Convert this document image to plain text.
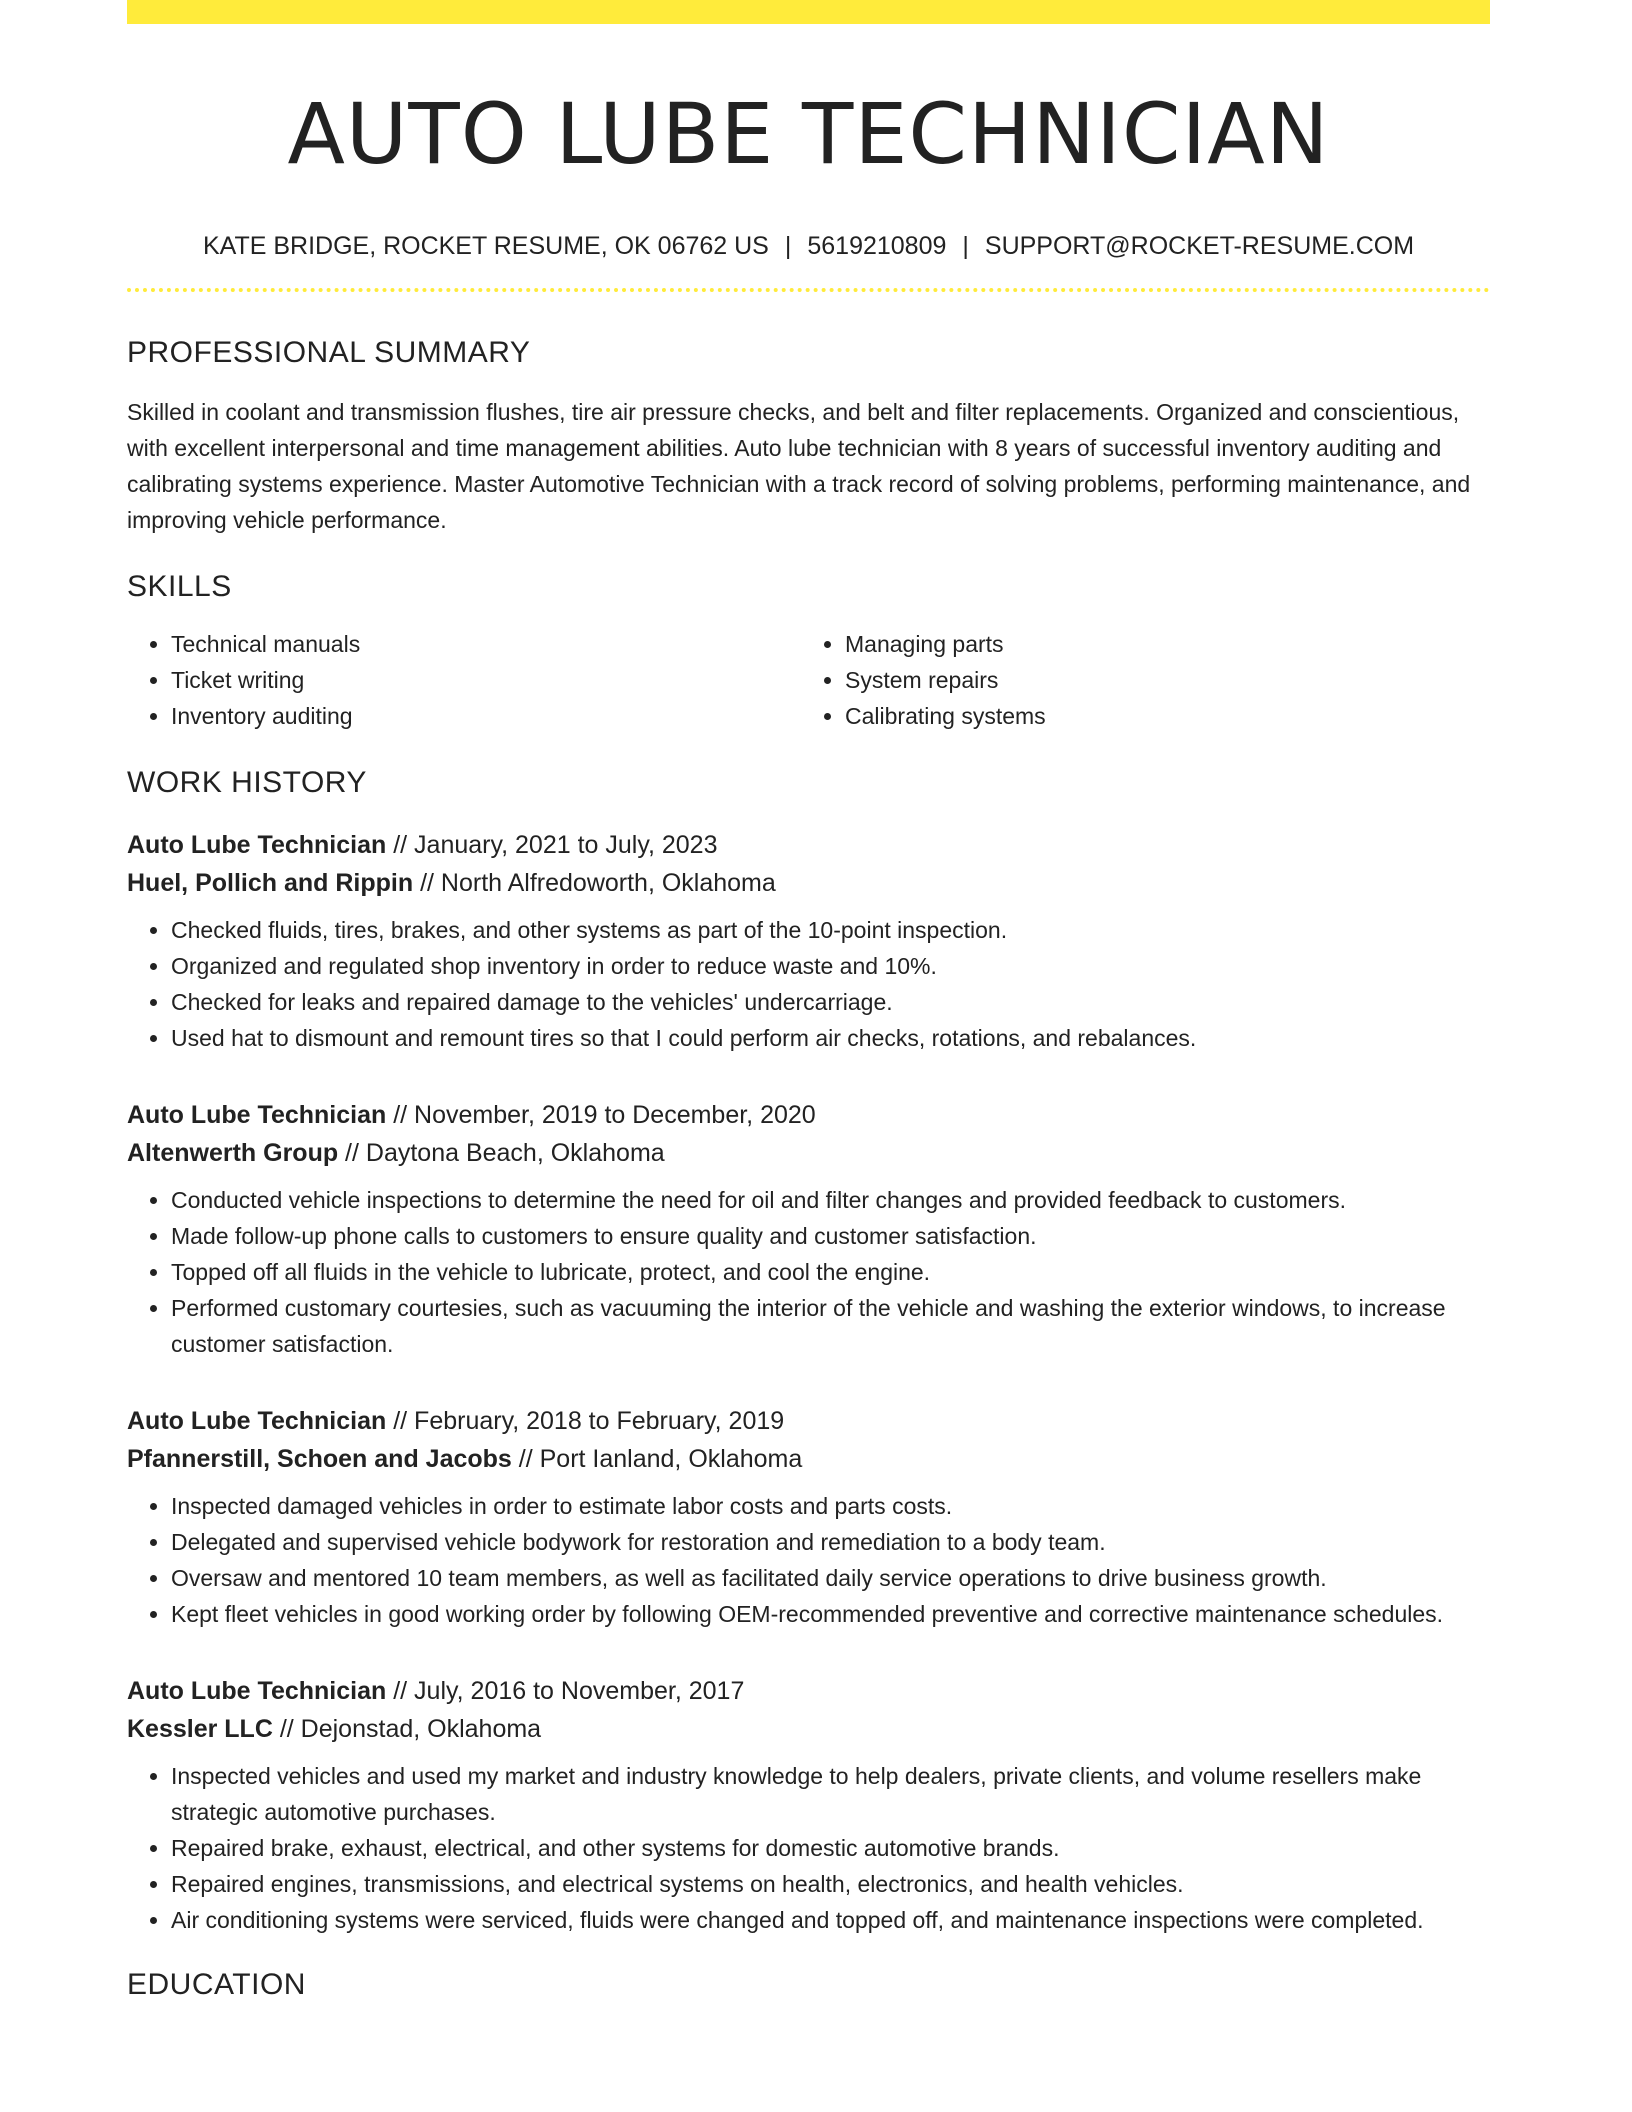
AUTO LUBE TECHNICIAN
KATE BRIDGE, ROCKET RESUME, OK 06762 US | 5619210809 | SUPPORT@ROCKET-RESUME.COM
PROFESSIONAL SUMMARY
Skilled in coolant and transmission flushes, tire air pressure checks, and belt and filter replacements. Organized and conscientious, with excellent interpersonal and time management abilities. Auto lube technician with 8 years of successful inventory auditing and calibrating systems experience. Master Automotive Technician with a track record of solving problems, performing maintenance, and improving vehicle performance.
SKILLS
• Technical manuals
• Ticket writing
• Inventory auditing
• Managing parts
• System repairs
• Calibrating systems
WORK HISTORY
Auto Lube Technician // January, 2021 to July, 2023
Huel, Pollich and Rippin // North Alfredoworth, Oklahoma
• Checked fluids, tires, brakes, and other systems as part of the 10-point inspection.
• Organized and regulated shop inventory in order to reduce waste and 10%.
• Checked for leaks and repaired damage to the vehicles' undercarriage.
• Used hat to dismount and remount tires so that I could perform air checks, rotations, and rebalances.
Auto Lube Technician // November, 2019 to December, 2020
Altenwerth Group // Daytona Beach, Oklahoma
• Conducted vehicle inspections to determine the need for oil and filter changes and provided feedback to customers.
• Made follow-up phone calls to customers to ensure quality and customer satisfaction.
• Topped off all fluids in the vehicle to lubricate, protect, and cool the engine.
• Performed customary courtesies, such as vacuuming the interior of the vehicle and washing the exterior windows, to increase customer satisfaction.
Auto Lube Technician // February, 2018 to February, 2019
Pfannerstill, Schoen and Jacobs // Port Ianland, Oklahoma
• Inspected damaged vehicles in order to estimate labor costs and parts costs.
• Delegated and supervised vehicle bodywork for restoration and remediation to a body team.
• Oversaw and mentored 10 team members, as well as facilitated daily service operations to drive business growth.
• Kept fleet vehicles in good working order by following OEM-recommended preventive and corrective maintenance schedules.
Auto Lube Technician // July, 2016 to November, 2017
Kessler LLC // Dejonstad, Oklahoma
• Inspected vehicles and used my market and industry knowledge to help dealers, private clients, and volume resellers make strategic automotive purchases.
• Repaired brake, exhaust, electrical, and other systems for domestic automotive brands.
• Repaired engines, transmissions, and electrical systems on health, electronics, and health vehicles.
• Air conditioning systems were serviced, fluids were changed and topped off, and maintenance inspections were completed.
EDUCATION
